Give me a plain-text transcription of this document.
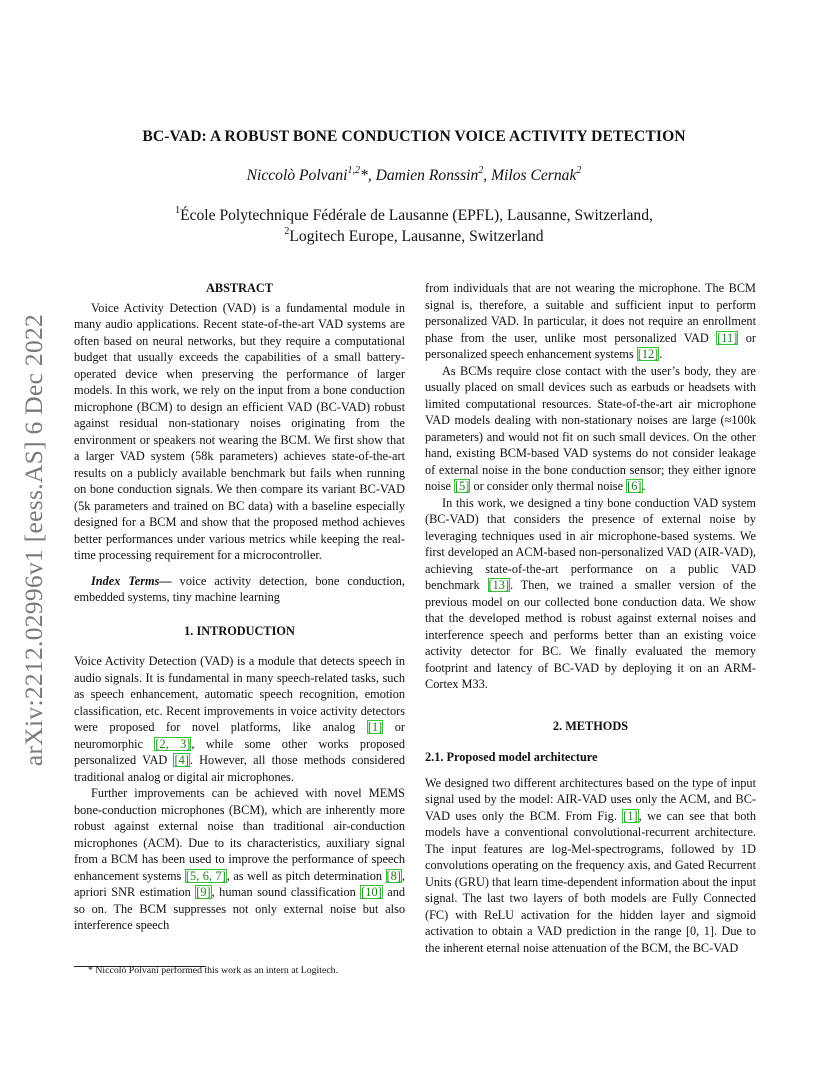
arXiv:2212.02996v1 [eess.AS] 6 Dec 2022
BC-VAD: A ROBUST BONE CONDUCTION VOICE ACTIVITY DETECTION
Niccolò Polvani$^{1,2}$*, Damien Ronssin$^2$, Milos Cernak$^2$
$^1$École Polytechnique Fédérale de Lausanne (EPFL), Lausanne, Switzerland,
$^2$Logitech Europe, Lausanne, Switzerland
ABSTRACT

Voice Activity Detection (VAD) is a fundamental module in many audio applications. Recent state-of-the-art VAD systems are often based on neural networks, but they require a computational budget that usually exceeds the capabilities of a small battery-operated device when preserving the performance of larger models. In this work, we rely on the input from a bone conduction microphone (BCM) to design an efficient VAD (BC-VAD) robust against residual non-stationary noises originating from the environment or speakers not wearing the BCM. We first show that a larger VAD system (58k parameters) achieves state-of-the-art results on a publicly available benchmark but fails when running on bone conduction signals. We then compare its variant BC-VAD (5k parameters and trained on BC data) with a baseline especially designed for a BCM and show that the proposed method achieves better performances under various metrics while keeping the real-time processing requirement for a microcontroller.

Index Terms— voice activity detection, bone conduction, embedded systems, tiny machine learning

1. INTRODUCTION

Voice Activity Detection (VAD) is a module that detects speech in audio signals. It is fundamental in many speech-related tasks, such as speech enhancement, automatic speech recognition, emotion classification, etc. Recent improvements in voice activity detectors were proposed for novel platforms, like analog [ 1 ] or neuromorphic [ 2, 3 ] , while some other works proposed personalized VAD [ 4 ] . However, all those methods considered traditional analog or digital air microphones.

Further improvements can be achieved with novel MEMS bone-conduction microphones (BCM), which are inherently more robust against external noise than traditional air-conduction microphones (ACM). Due to its characteristics, auxiliary signal from a BCM has been used to improve the performance of speech enhancement systems [ 5, 6, 7 ] , as well as pitch determination [ 8 ] , apriori SNR estimation [ 9 ] , human sound classification [ 10 ] and so on. The BCM suppresses not only external noise but also interference speech

from individuals that are not wearing the microphone. The BCM signal is, therefore, a suitable and sufficient input to perform personalized VAD. In particular, it does not require an enrollment phase from the user, unlike most personalized VAD [ 11 ] or personalized speech enhancement systems [ 12 ] .

As BCMs require close contact with the user’s body, they are usually placed on small devices such as earbuds or headsets with limited computational resources. State-of-the-art air microphone VAD models dealing with non-stationary noises are large (≈100k parameters) and would not fit on such small devices. On the other hand, existing BCM-based VAD systems do not consider leakage of external noise in the bone conduction sensor; they either ignore noise [ 5 ] or consider only thermal noise [ 6 ] .

In this work, we designed a tiny bone conduction VAD system (BC-VAD) that considers the presence of external noise by leveraging techniques used in air microphone-based systems. We first developed an ACM-based non-personalized VAD (AIR-VAD), achieving state-of-the-art performance on a public VAD benchmark [ 13 ] . Then, we trained a smaller version of the previous model on our collected bone conduction data. We show that the developed method is robust against external noises and interference speech and performs better than an existing voice activity detector for BC. We finally evaluated the memory footprint and latency of BC-VAD by deploying it on an ARM-Cortex M33.

2. METHODS
2.1. Proposed model architecture

We designed two different architectures based on the type of input signal used by the model: AIR-VAD uses only the ACM, and BC-VAD uses only the BCM. From Fig. [ 1 ] , we can see that both models have a conventional convolutional-recurrent architecture. The input features are log-Mel-spectrograms, followed by 1D convolutions operating on the frequency axis, and Gated Recurrent Units (GRU) that learn time-dependent information about the input signal. The last two layers of both models are Fully Connected (FC) with ReLU activation for the hidden layer and sigmoid activation to obtain a VAD prediction in the range [0, 1]. Due to the inherent eternal noise attenuation of the BCM, the BC-VAD

* Niccolò Polvani performed this work as an intern at Logitech.
